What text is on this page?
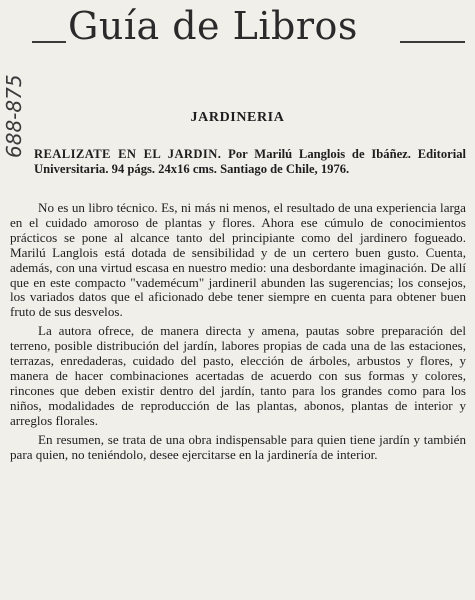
Guía de Libros
688-875	JARDINERIA
REALIZATE EN EL JARDIN. Por Marilú Langlois de Ibáñez. Editorial Universitaria. 94 págs. 24x16 cms. Santiago de Chile, 1976.

No es un libro técnico. Es, ni más ni menos, el resultado de una experiencia larga en el cuidado amoroso de plantas y flores. Ahora ese cúmulo de conocimientos prácticos se pone al alcance tanto del principiante como del jardinero fogueado. Marilú Langlois está dotada de sensibilidad y de un certero buen gusto. Cuenta, además, con una virtud escasa en nuestro medio: una desbordante imaginación. De allí que en este compacto "vademécum" jardineril abunden las sugerencias; los consejos, los variados datos que el aficionado debe tener siempre en cuenta para obtener buen fruto de sus desvelos.

La autora ofrece, de manera directa y amena, pautas sobre preparación del terreno, posible distribución del jardín, labores propias de cada una de las estaciones, terrazas, enredaderas, cuidado del pasto, elección de árboles, arbustos y flores, y manera de hacer combinaciones acertadas de acuerdo con sus formas y colores, rincones que deben existir dentro del jardín, tanto para los grandes como para los niños, modalidades de reproducción de las plantas, abonos, plantas de interior y arreglos florales.

En resumen, se trata de una obra indispensable para quien tiene jardín y también para quien, no teniéndolo, desee ejercitarse en la jardinería de interior.
